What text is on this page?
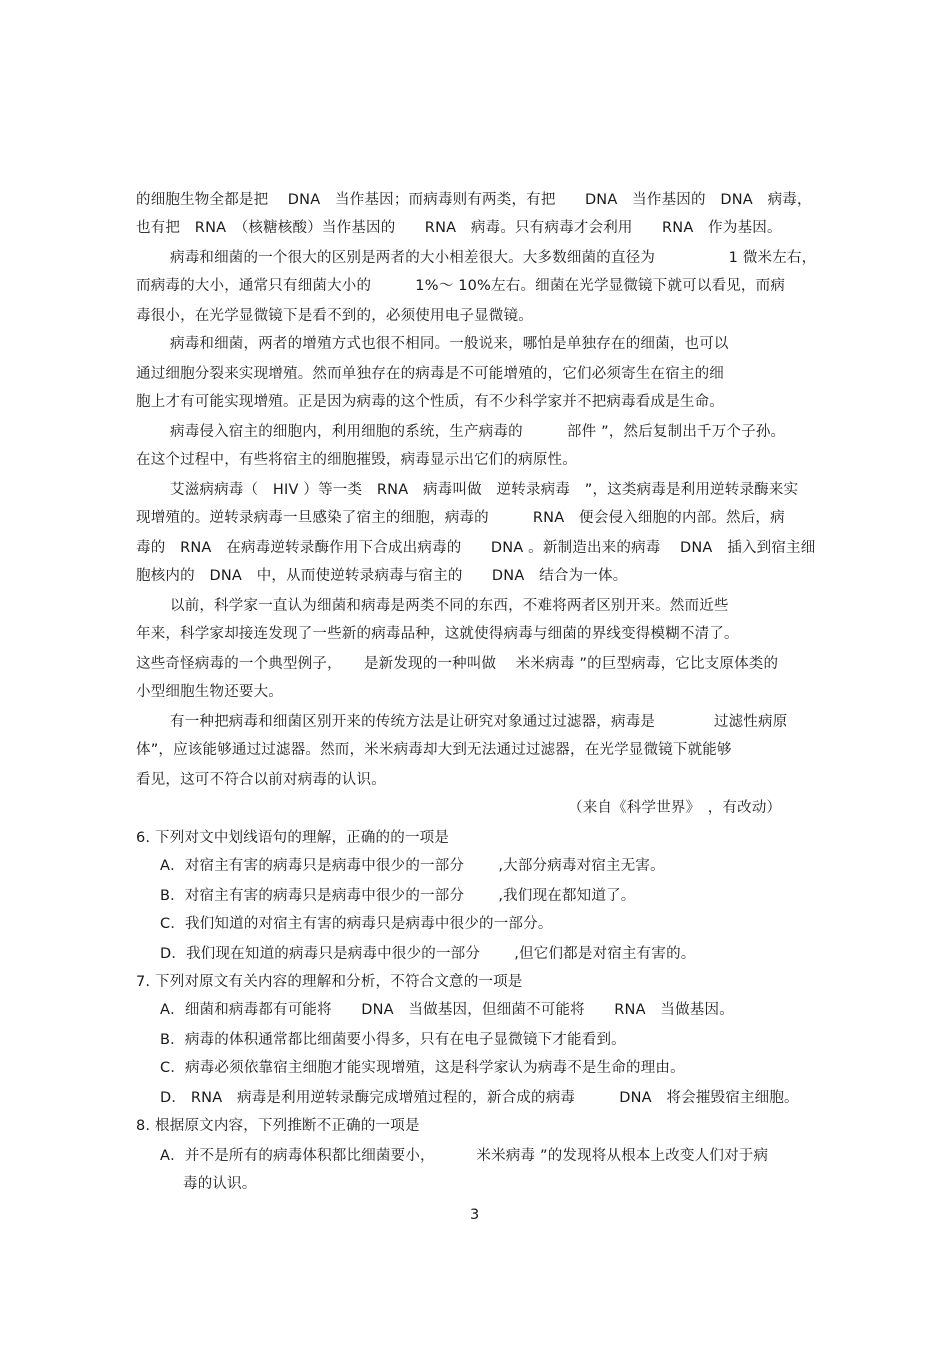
的细胞生物全都是把　 DNA　当作基因；而病毒则有两类，有把　　DNA　当作基因的　DNA　病毒，
也有把　RNA　（核糖核酸）当作基因的　　RNA　病毒。只有病毒才会利用　　RNA　作为基因。
病毒和细菌的一个很大的区别是两者的大小相差很大。大多数细菌的直径为　　　　　1 微米左右，
而病毒的大小，通常只有细菌大小的　　　1%～ 10%左右。细菌在光学显微镜下就可以看见，而病
毒很小，在光学显微镜下是看不到的，必须使用电子显微镜。
病毒和细菌，两者的增殖方式也很不相同。一般说来，哪怕是单独存在的细菌，也可以
通过细胞分裂来实现增殖。然而单独存在的病毒是不可能增殖的，它们必须寄生在宿主的细
胞上才有可能实现增殖。正是因为病毒的这个性质，有不少科学家并不把病毒看成是生命。
病毒侵入宿主的细胞内，利用细胞的系统，生产病毒的　　　部件 ”，然后复制出千万个子孙。
在这个过程中，有些将宿主的细胞摧毁，病毒显示出它们的病原性。
艾滋病病毒（　HIV ）等一类　RNA　病毒叫做　逆转录病毒　”，这类病毒是利用逆转录酶来实
现增殖的。逆转录病毒一旦感染了宿主的细胞，病毒的　　　RNA　便会侵入细胞的内部。然后，病
毒的　RNA　在病毒逆转录酶作用下合成出病毒的　　DNA 。新制造出来的病毒　 DNA　插入到宿主细
胞核内的　DNA　中，从而使逆转录病毒与宿主的　　DNA　结合为一体。
以前，科学家一直认为细菌和病毒是两类不同的东西，不难将两者区别开来。然而近些
年来，科学家却接连发现了一些新的病毒品种，这就使得病毒与细菌的界线变得模糊不清了。
这些奇怪病毒的一个典型例子，　　是新发现的一种叫做　 米米病毒 ”的巨型病毒，它比支原体类的
小型细胞生物还要大。
有一种把病毒和细菌区别开来的传统方法是让研究对象通过过滤器，病毒是　　　　过滤性病原
体”，应该能够通过过滤器。然而，米米病毒却大到无法通过过滤器，在光学显微镜下就能够
看见，这可不符合以前对病毒的认识。
（来自《科学世界》　，有改动）
6. 下列对文中划线语句的理解，正确的的一项是
A．对宿主有害的病毒只是病毒中很少的一部分　　 ,大部分病毒对宿主无害。
B．对宿主有害的病毒只是病毒中很少的一部分　　 ,我们现在都知道了。
C．我们知道的对宿主有害的病毒只是病毒中很少的一部分。
D．我们现在知道的病毒只是病毒中很少的一部分　　 ,但它们都是对宿主有害的。
7. 下列对原文有关内容的理解和分析，不符合文意的一项是
A．细菌和病毒都有可能将　　DNA　当做基因，但细菌不可能将　　RNA　当做基因。
B．病毒的体积通常都比细菌要小得多，只有在电子显微镜下才能看到。
C．病毒必须依靠宿主细胞才能实现增殖，这是科学家认为病毒不是生命的理由。
D． RNA　病毒是利用逆转录酶完成增殖过程的，新合成的病毒　　　DNA　将会摧毁宿主细胞。
8. 根据原文内容，下列推断不正确的一项是
A．并不是所有的病毒体积都比细菌要小，　　　 米米病毒 ”的发现将从根本上改变人们对于病
毒的认识。
3
